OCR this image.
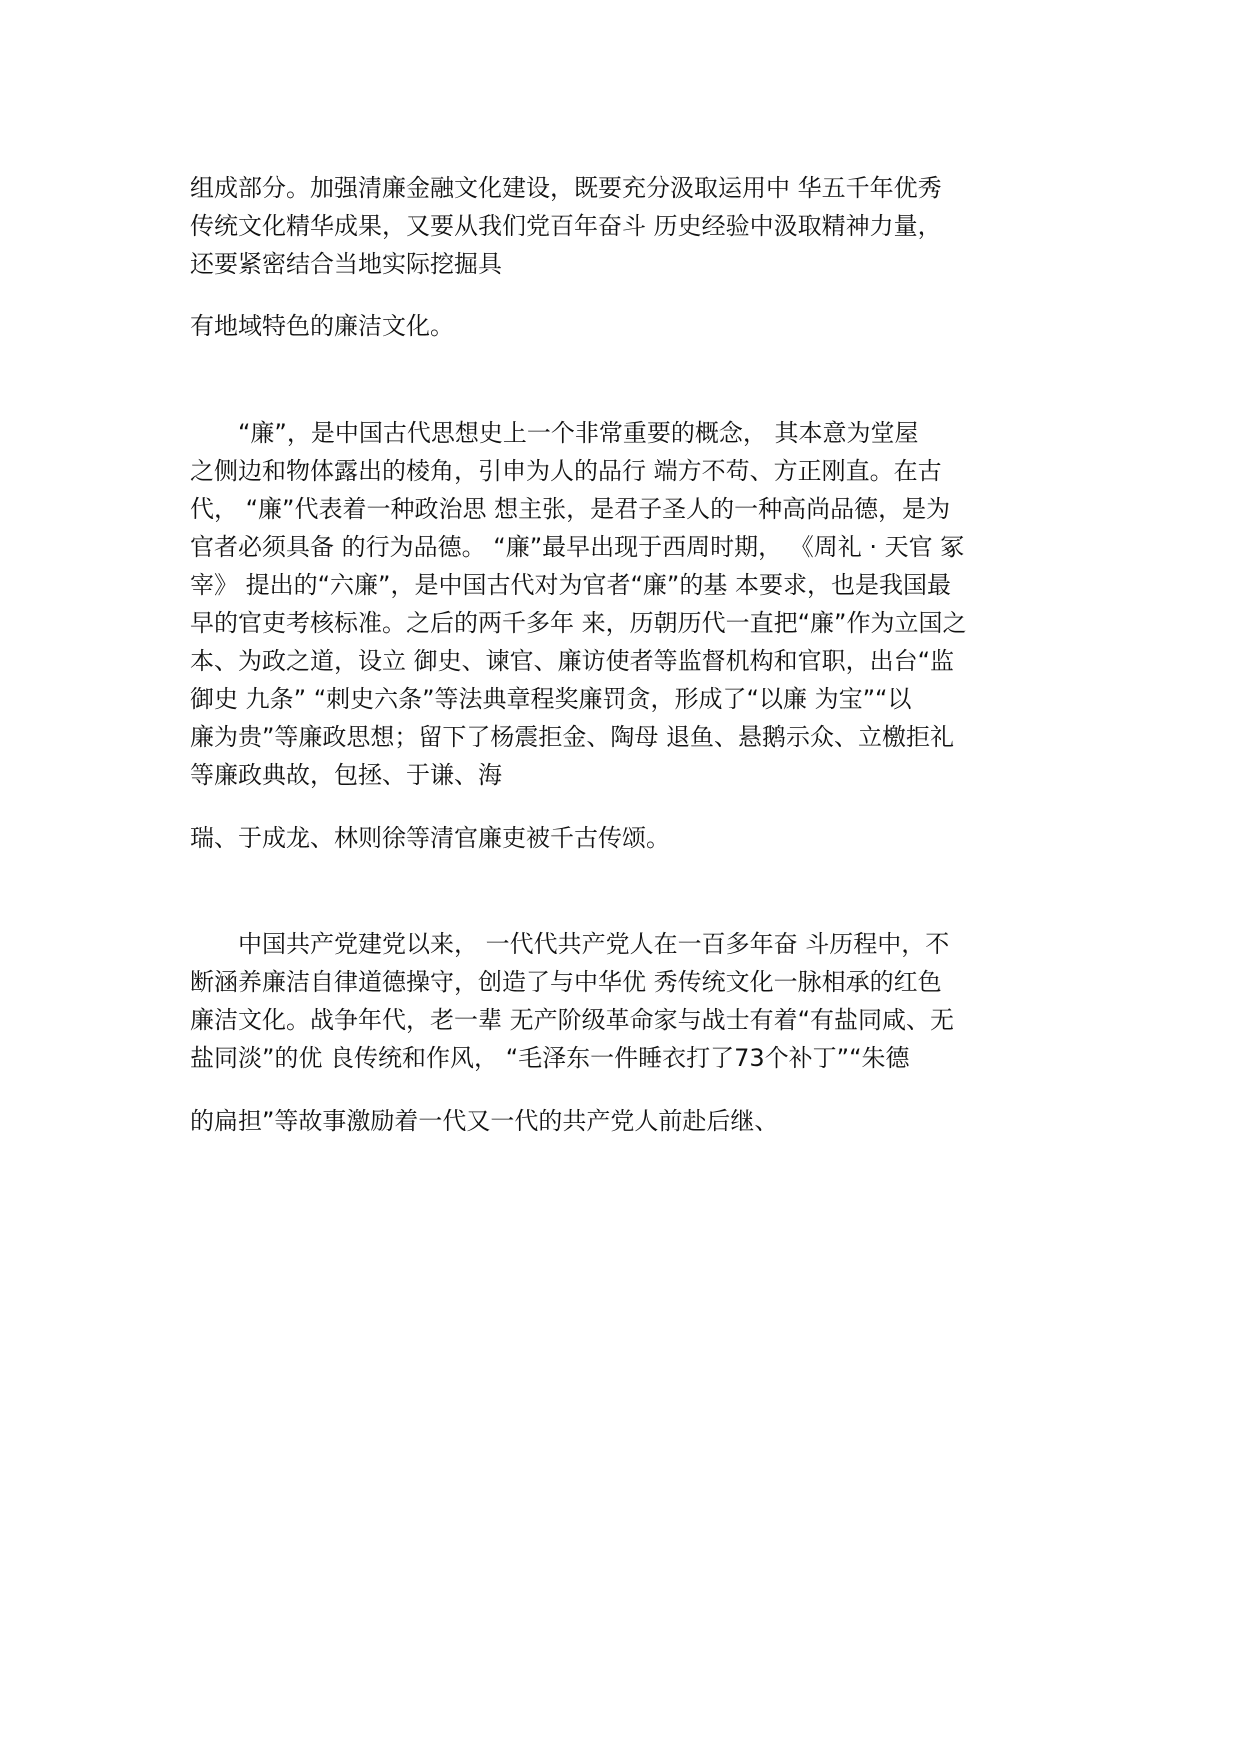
组成部分。加强清廉金融文化建设，既要充分汲取运用中 华五千年优秀
传统文化精华成果，又要从我们党百年奋斗 历史经验中汲取精神力量，
还要紧密结合当地实际挖掘具
有地域特色的廉洁文化。
　　“廉”，是中国古代思想史上一个非常重要的概念， 其本意为堂屋
之侧边和物体露出的棱角，引申为人的品行 端方不苟、方正刚直。在古
代， “廉”代表着一种政治思 想主张，是君子圣人的一种高尚品德，是为
官者必须具备 的行为品德。 “廉”最早出现于西周时期， 《周礼 · 天官 冢
宰》 提出的“六廉”，是中国古代对为官者“廉”的基 本要求，也是我国最
早的官吏考核标准。之后的两千多年 来，历朝历代一直把“廉”作为立国之
本、为政之道，设立 御史、谏官、廉访使者等监督机构和官职，出台“监
御史 九条” “刺史六条”等法典章程奖廉罚贪，形成了“以廉 为宝”“以
廉为贵”等廉政思想；留下了杨震拒金、陶母 退鱼、悬鹅示众、立檄拒礼
等廉政典故，包拯、于谦、海
瑞、于成龙、林则徐等清官廉吏被千古传颂。
　　中国共产党建党以来， 一代代共产党人在一百多年奋 斗历程中，不
断涵养廉洁自律道德操守，创造了与中华优 秀传统文化一脉相承的红色
廉洁文化。战争年代，老一辈 无产阶级革命家与战士有着“有盐同咸、无
盐同淡”的优 良传统和作风， “毛泽东一件睡衣打了73个补丁”“朱德
的扁担”等故事激励着一代又一代的共产党人前赴后继、
